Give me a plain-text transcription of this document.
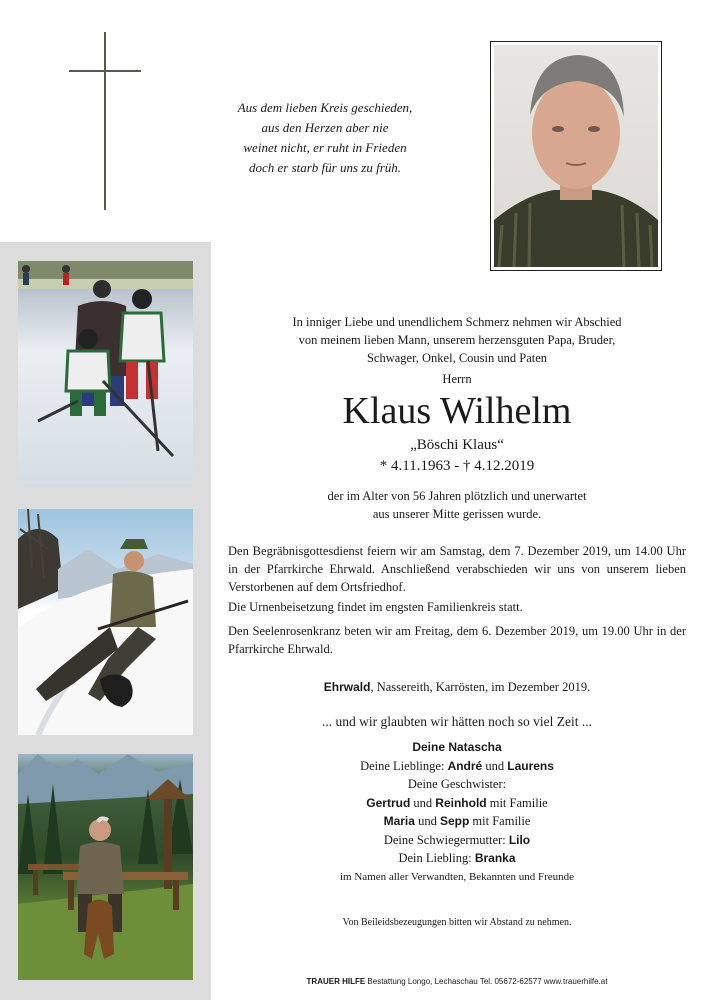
Aus dem lieben Kreis geschieden,
aus den Herzen aber nie
weinet nicht, er ruht in Frieden
doch er starb für uns zu früh.
In inniger Liebe und unendlichem Schmerz nehmen wir Abschied
von meinem lieben Mann, unserem herzensguten Papa, Bruder,
Schwager, Onkel, Cousin und Paten
Herrn
Klaus Wilhelm
„Böschi Klaus“
* 4.11.1963 - † 4.12.2019
der im Alter von 56 Jahren plötzlich und unerwartet
aus unserer Mitte gerissen wurde.
Den Begräbnisgottesdienst feiern wir am Samstag, dem 7. Dezember 2019, um 14.00 Uhr in der Pfarrkirche Ehrwald. Anschließend verabschieden wir uns von unserem lieben Verstorbenen auf dem Ortsfriedhof.
Die Urnenbeisetzung findet im engsten Familienkreis statt.
Den Seelenrosenkranz beten wir am Freitag, dem 6. Dezember 2019, um 19.00 Uhr in der Pfarrkirche Ehrwald.
Ehrwald, Nassereith, Karrösten, im Dezember 2019.
... und wir glaubten wir hätten noch so viel Zeit ...
Deine Natascha
Deine Lieblinge: André und Laurens
Deine Geschwister:
Gertrud und Reinhold mit Familie
Maria und Sepp mit Familie
Deine Schwiegermutter: Lilo
Dein Liebling: Branka
im Namen aller Verwandten, Bekannten und Freunde
Von Beileidsbezeugungen bitten wir Abstand zu nehmen.
TRAUER HILFE Bestattung Longo, Lechaschau Tel. 05672-62577 www.trauerhilfe.at
